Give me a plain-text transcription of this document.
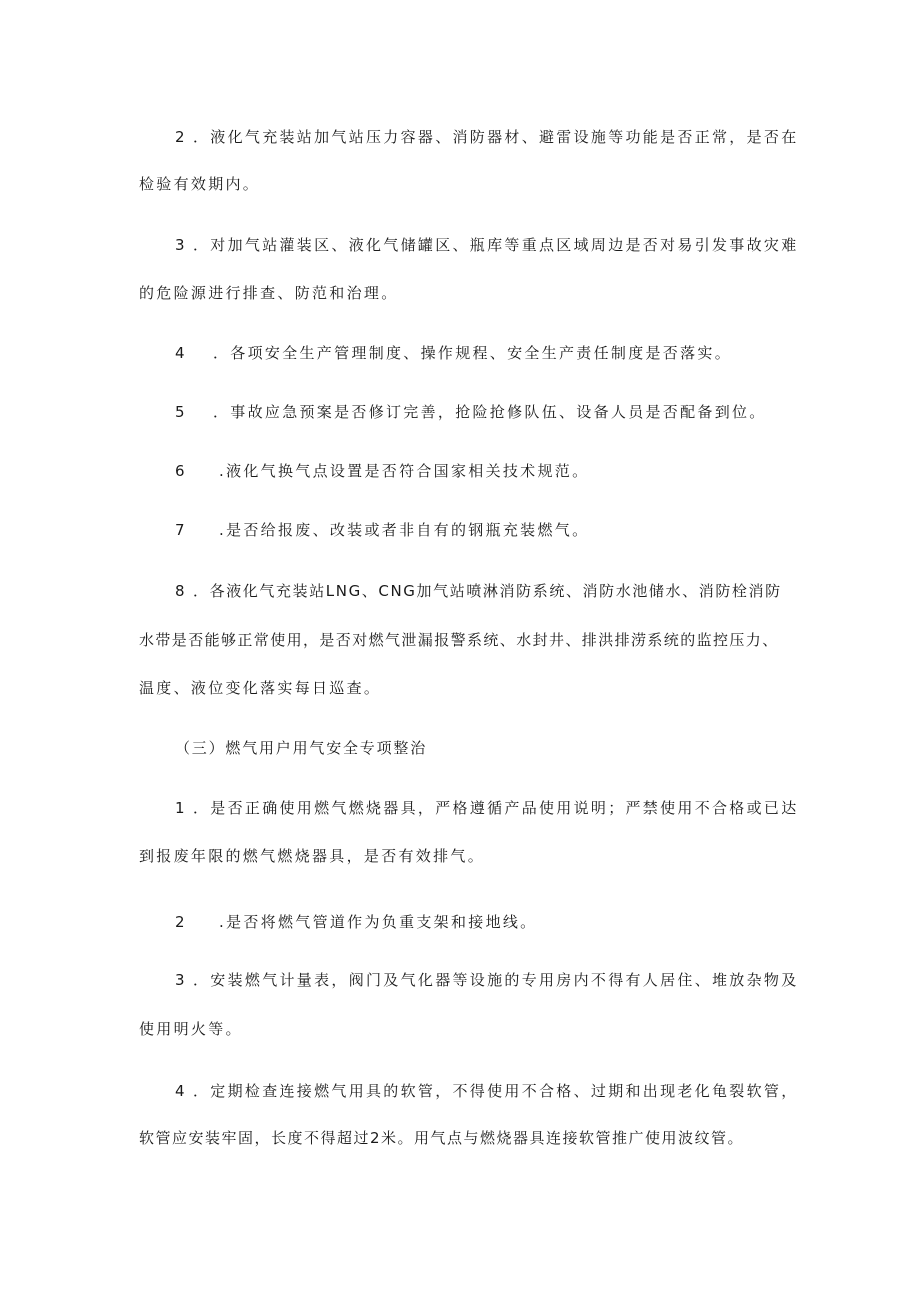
2 ．液化气充装站加气站压力容器、消防器材、避雷设施等功能是否正常，是否在
检验有效期内。
3 ．对加气站灌装区、液化气储罐区、瓶库等重点区域周边是否对易引发事故灾难
的危险源进行排查、防范和治理。
4 ．各项安全生产管理制度、操作规程、安全生产责任制度是否落实。
5 ．事故应急预案是否修订完善，抢险抢修队伍、设备人员是否配备到位。
6 .液化气换气点设置是否符合国家相关技术规范。
7 .是否给报废、改装或者非自有的钢瓶充装燃气。
8 ．各液化气充装站LNG、CNG加气站喷淋消防系统、消防水池储水、消防栓消防
水带是否能够正常使用，是否对燃气泄漏报警系统、水封井、排洪排涝系统的监控压力、
温度、液位变化落实每日巡查。
（三）燃气用户用气安全专项整治
1 ．是否正确使用燃气燃烧器具，严格遵循产品使用说明；严禁使用不合格或已达
到报废年限的燃气燃烧器具，是否有效排气。
2 .是否将燃气管道作为负重支架和接地线。
3 ．安装燃气计量表，阀门及气化器等设施的专用房内不得有人居住、堆放杂物及
使用明火等。
4 ．定期检查连接燃气用具的软管，不得使用不合格、过期和出现老化龟裂软管，
软管应安装牢固，长度不得超过2米。用气点与燃烧器具连接软管推广使用波纹管。
